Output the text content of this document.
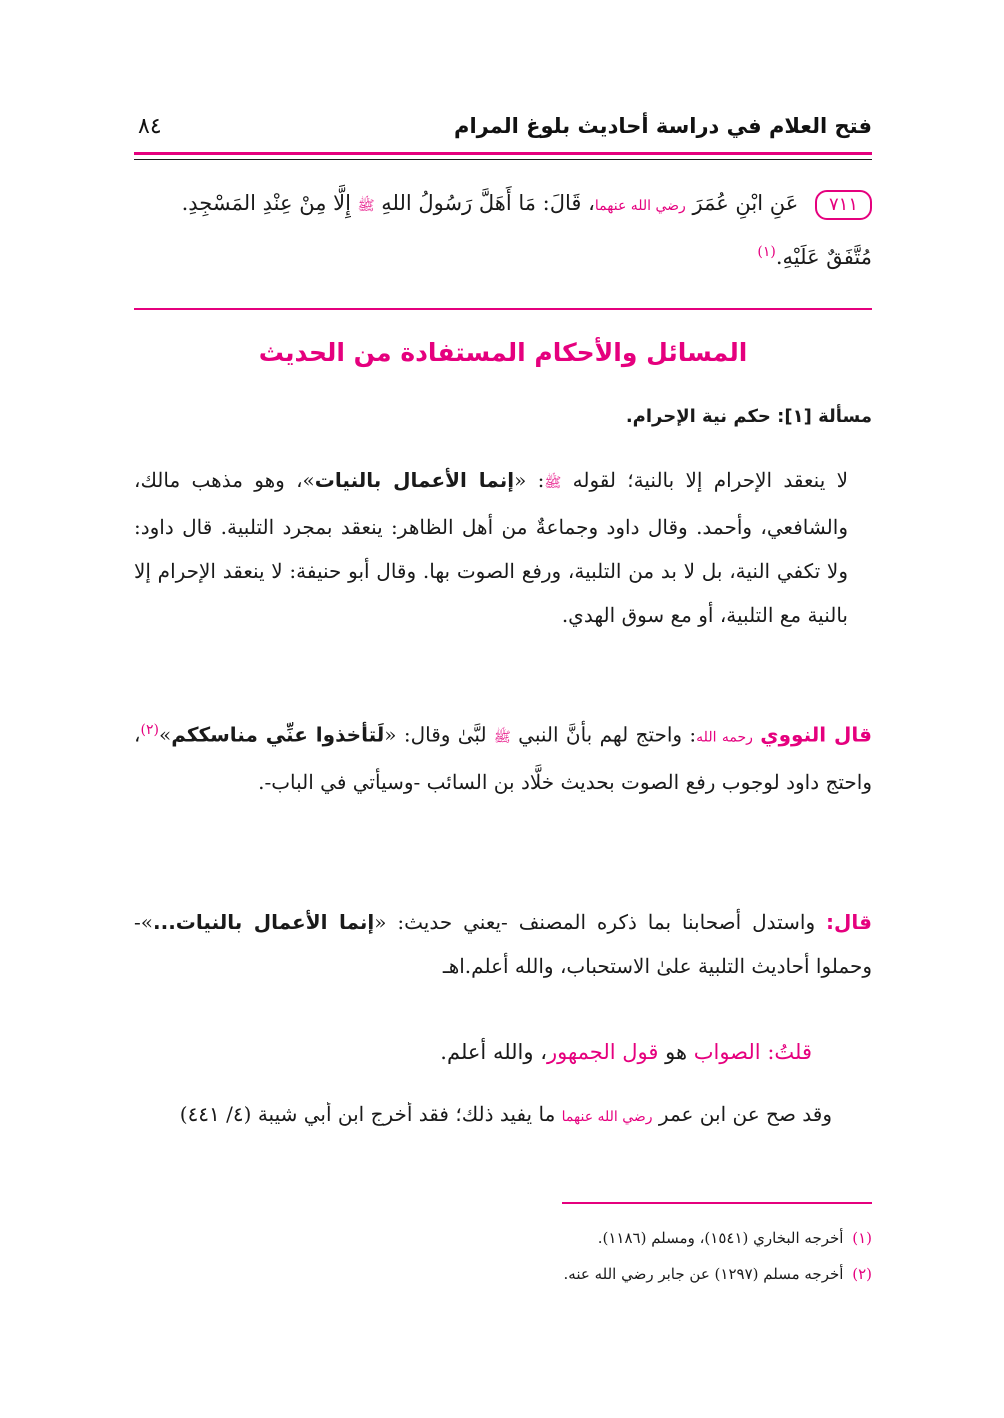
فتح العلام في دراسة أحاديث بلوغ المرام
٨٤
٧١١ عَنِ ابْنِ عُمَرَ رضي الله عنهما، قَالَ: مَا أَهَلَّ رَسُولُ اللهِ ﷺ إِلَّا مِنْ عِنْدِ المَسْجِدِ.
مُتَّفَقٌ عَلَيْهِ.$^{(١)}$
المسائل والأحكام المستفادة من الحديث
مسألة [١]: حكم نية الإحرام.

لا ينعقد الإحرام إلا بالنية؛ لقوله ﷺ: «إنما الأعمال بالنيات»، وهو مذهب مالك، والشافعي، وأحمد. وقال داود وجماعةٌ من أهل الظاهر: ينعقد بمجرد التلبية. قال داود: ولا تكفي النية، بل لا بد من التلبية، ورفع الصوت بها. وقال أبو حنيفة: لا ينعقد الإحرام إلا بالنية مع التلبية، أو مع سوق الهدي.

قال النووي رحمه الله: واحتج لهم بأنَّ النبي ﷺ لبَّىٰ وقال: «لَتأخذوا عنِّي مناسككم»$^{(٢)}$، واحتج داود لوجوب رفع الصوت بحديث خلَّاد بن السائب -وسيأتي في الباب-.

قال: واستدل أصحابنا بما ذكره المصنف -يعني حديث: «إنما الأعمال بالنيات...»- وحملوا أحاديث التلبية علىٰ الاستحباب، والله أعلم.اهـ

قلتُ: الصواب هو قول الجمهور، والله أعلم.
وقد صح عن ابن عمر رضي الله عنهما ما يفيد ذلك؛ فقد أخرج ابن أبي شيبة (٤/ ٤٤١)
(١) أخرجه البخاري (١٥٤١)، ومسلم (١١٨٦).
(٢) أخرجه مسلم (١٢٩٧) عن جابر رضي الله عنه.
